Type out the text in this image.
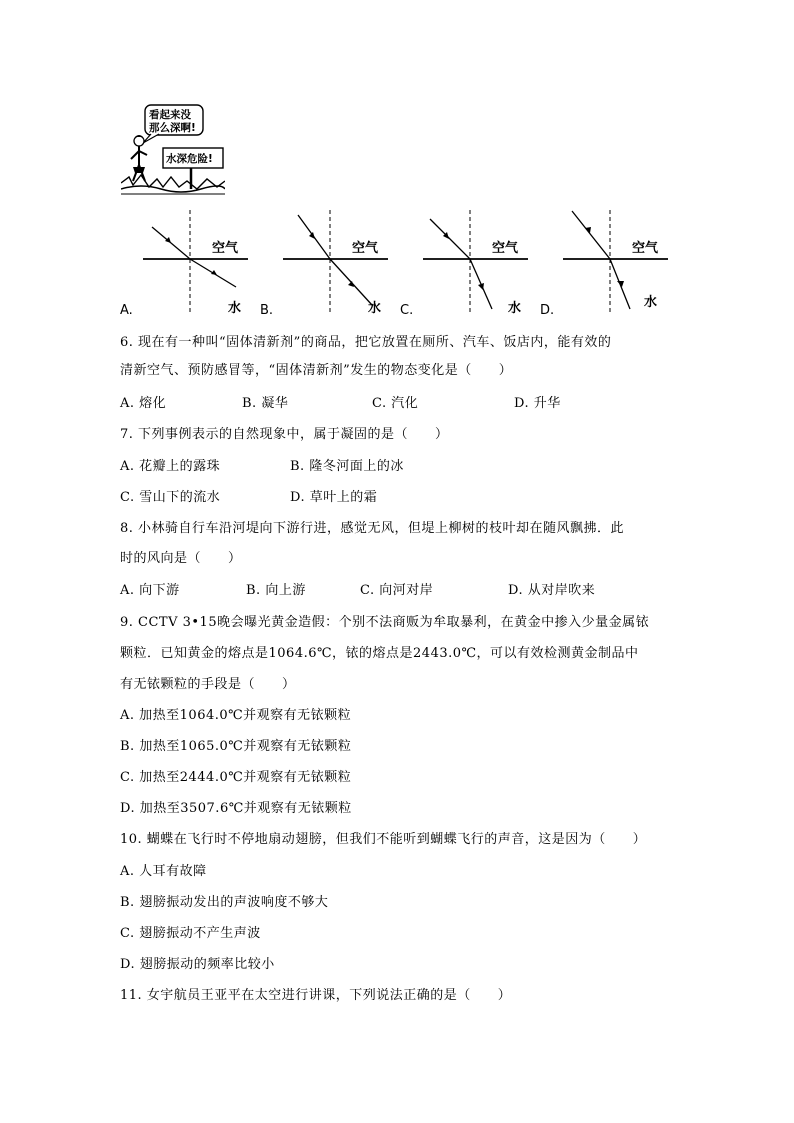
看起来没
那么深啊!
水深危险!
空气
水
A.
空气
水
B.
空气
水
C.
空气
水
D.
6. 现在有一种叫“固体清新剂”的商品，把它放置在厕所、汽车、饭店内，能有效的
清新空气、预防感冒等，“固体清新剂”发生的物态变化是（　　）
A. 熔化	B. 凝华	C. 汽化	D. 升华
7. 下列事例表示的自然现象中，属于凝固的是（　　）
A. 花瓣上的露珠	B. 隆冬河面上的冰
C. 雪山下的流水	D. 草叶上的霜
8. 小林骑自行车沿河堤向下游行进，感觉无风，但堤上柳树的枝叶却在随风飘拂．此
时的风向是（　　）
A. 向下游	B. 向上游	C. 向河对岸	D. 从对岸吹来
9. CCTV 3•15晚会曝光黄金造假：个别不法商贩为牟取暴利，在黄金中掺入少量金属铱
颗粒．已知黄金的熔点是1064.6℃，铱的熔点是2443.0℃，可以有效检测黄金制品中
有无铱颗粒的手段是（　　）
A. 加热至1064.0℃并观察有无铱颗粒
B. 加热至1065.0℃并观察有无铱颗粒
C. 加热至2444.0℃并观察有无铱颗粒
D. 加热至3507.6℃并观察有无铱颗粒
10. 蝴蝶在飞行时不停地扇动翅膀，但我们不能听到蝴蝶飞行的声音，这是因为（　　）
A. 人耳有故障
B. 翅膀振动发出的声波响度不够大
C. 翅膀振动不产生声波
D. 翅膀振动的频率比较小
11. 女宇航员王亚平在太空进行讲课，下列说法正确的是（　　）
